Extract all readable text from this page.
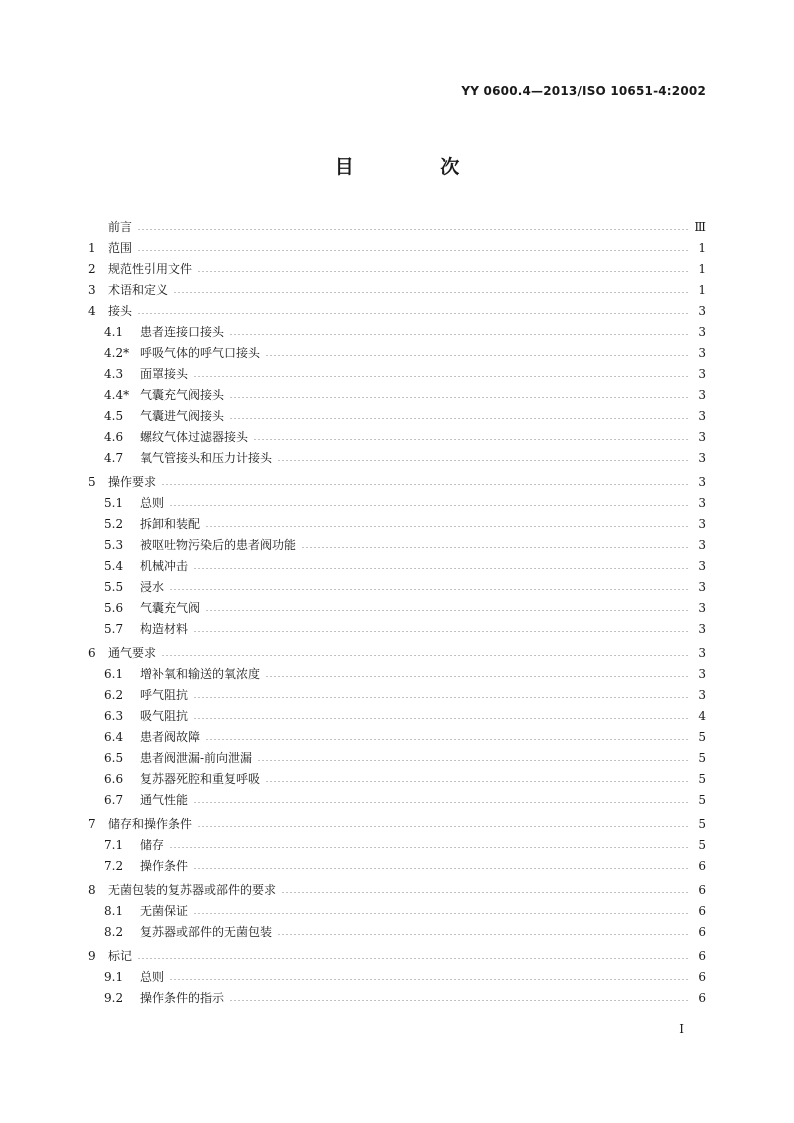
YY 0600.4—2013/ISO 10651-4:2002
目 次
前言	Ⅲ
1	范围	1
2	规范性引用文件	1
3	术语和定义	1
4	接头	3
4.1	患者连接口接头	3
4.2* 呼吸气体的呼气口接头	3
4.3	面罩接头	3
4.4* 气囊充气阀接头	3
4.5	气囊进气阀接头	3
4.6	螺纹气体过滤器接头	3
4.7	氧气管接头和压力计接头	3
5	操作要求	3
5.1	总则	3
5.2	拆卸和装配	3
5.3	被呕吐物污染后的患者阀功能	3
5.4	机械冲击	3
5.5	浸水	3
5.6	气囊充气阀	3
5.7	构造材料	3
6	通气要求	3
6.1	增补氧和输送的氧浓度	3
6.2	呼气阻抗	3
6.3	吸气阻抗	4
6.4	患者阀故障	5
6.5	患者阀泄漏-前向泄漏	5
6.6	复苏器死腔和重复呼吸	5
6.7	通气性能	5
7	储存和操作条件	5
7.1	储存	5
7.2	操作条件	6
8	无菌包装的复苏器或部件的要求	6
8.1	无菌保证	6
8.2	复苏器或部件的无菌包装	6
9	标记	6
9.1	总则	6
9.2	操作条件的指示	6
I
